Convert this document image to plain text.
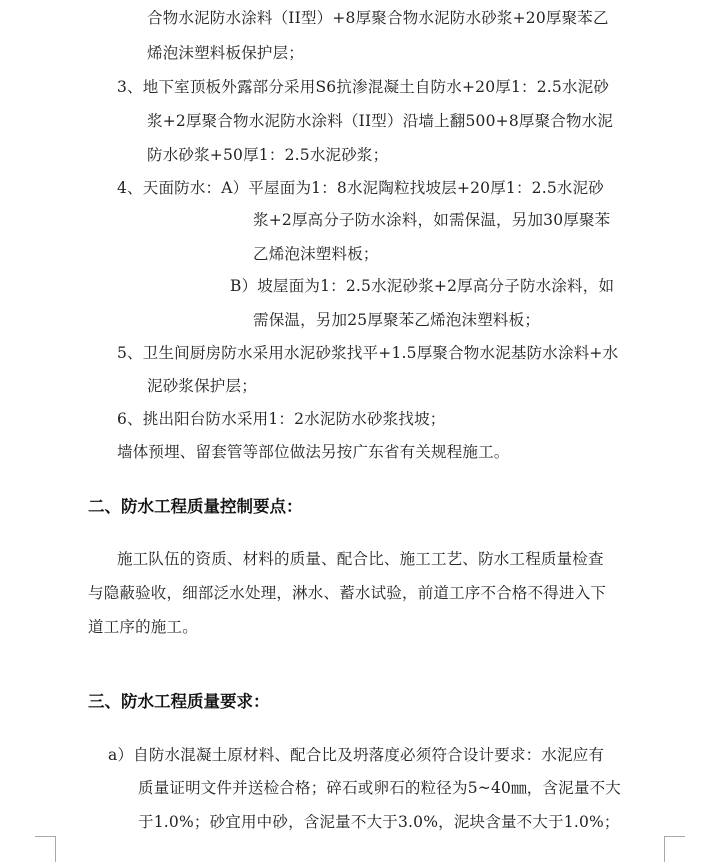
合物水泥防水涂料（II型）+8厚聚合物水泥防水砂浆+20厚聚苯乙
烯泡沫塑料板保护层；
3、地下室顶板外露部分采用S6抗渗混凝土自防水+20厚1：2.5水泥砂
浆+2厚聚合物水泥防水涂料（II型）沿墙上翻500+8厚聚合物水泥
防水砂浆+50厚1：2.5水泥砂浆；
4、天面防水：A）平屋面为1：8水泥陶粒找坡层+20厚1：2.5水泥砂
浆+2厚高分子防水涂料，如需保温，另加30厚聚苯
乙烯泡沫塑料板；
B）坡屋面为1：2.5水泥砂浆+2厚高分子防水涂料，如
需保温，另加25厚聚苯乙烯泡沫塑料板；
5、卫生间厨房防水采用水泥砂浆找平+1.5厚聚合物水泥基防水涂料+水
泥砂浆保护层；
6、挑出阳台防水采用1：2水泥防水砂浆找坡；
墙体预埋、留套管等部位做法另按广东省有关规程施工。
二、防水工程质量控制要点：
施工队伍的资质、材料的质量、配合比、施工工艺、防水工程质量检查
与隐蔽验收，细部泛水处理，淋水、蓄水试验，前道工序不合格不得进入下
道工序的施工。
三、防水工程质量要求：
a）自防水混凝土原材料、配合比及坍落度必须符合设计要求：水泥应有
质量证明文件并送检合格；碎石或卵石的粒径为5~40㎜，含泥量不大
于1.0%；砂宜用中砂，含泥量不大于3.0%，泥块含量不大于1.0%；
